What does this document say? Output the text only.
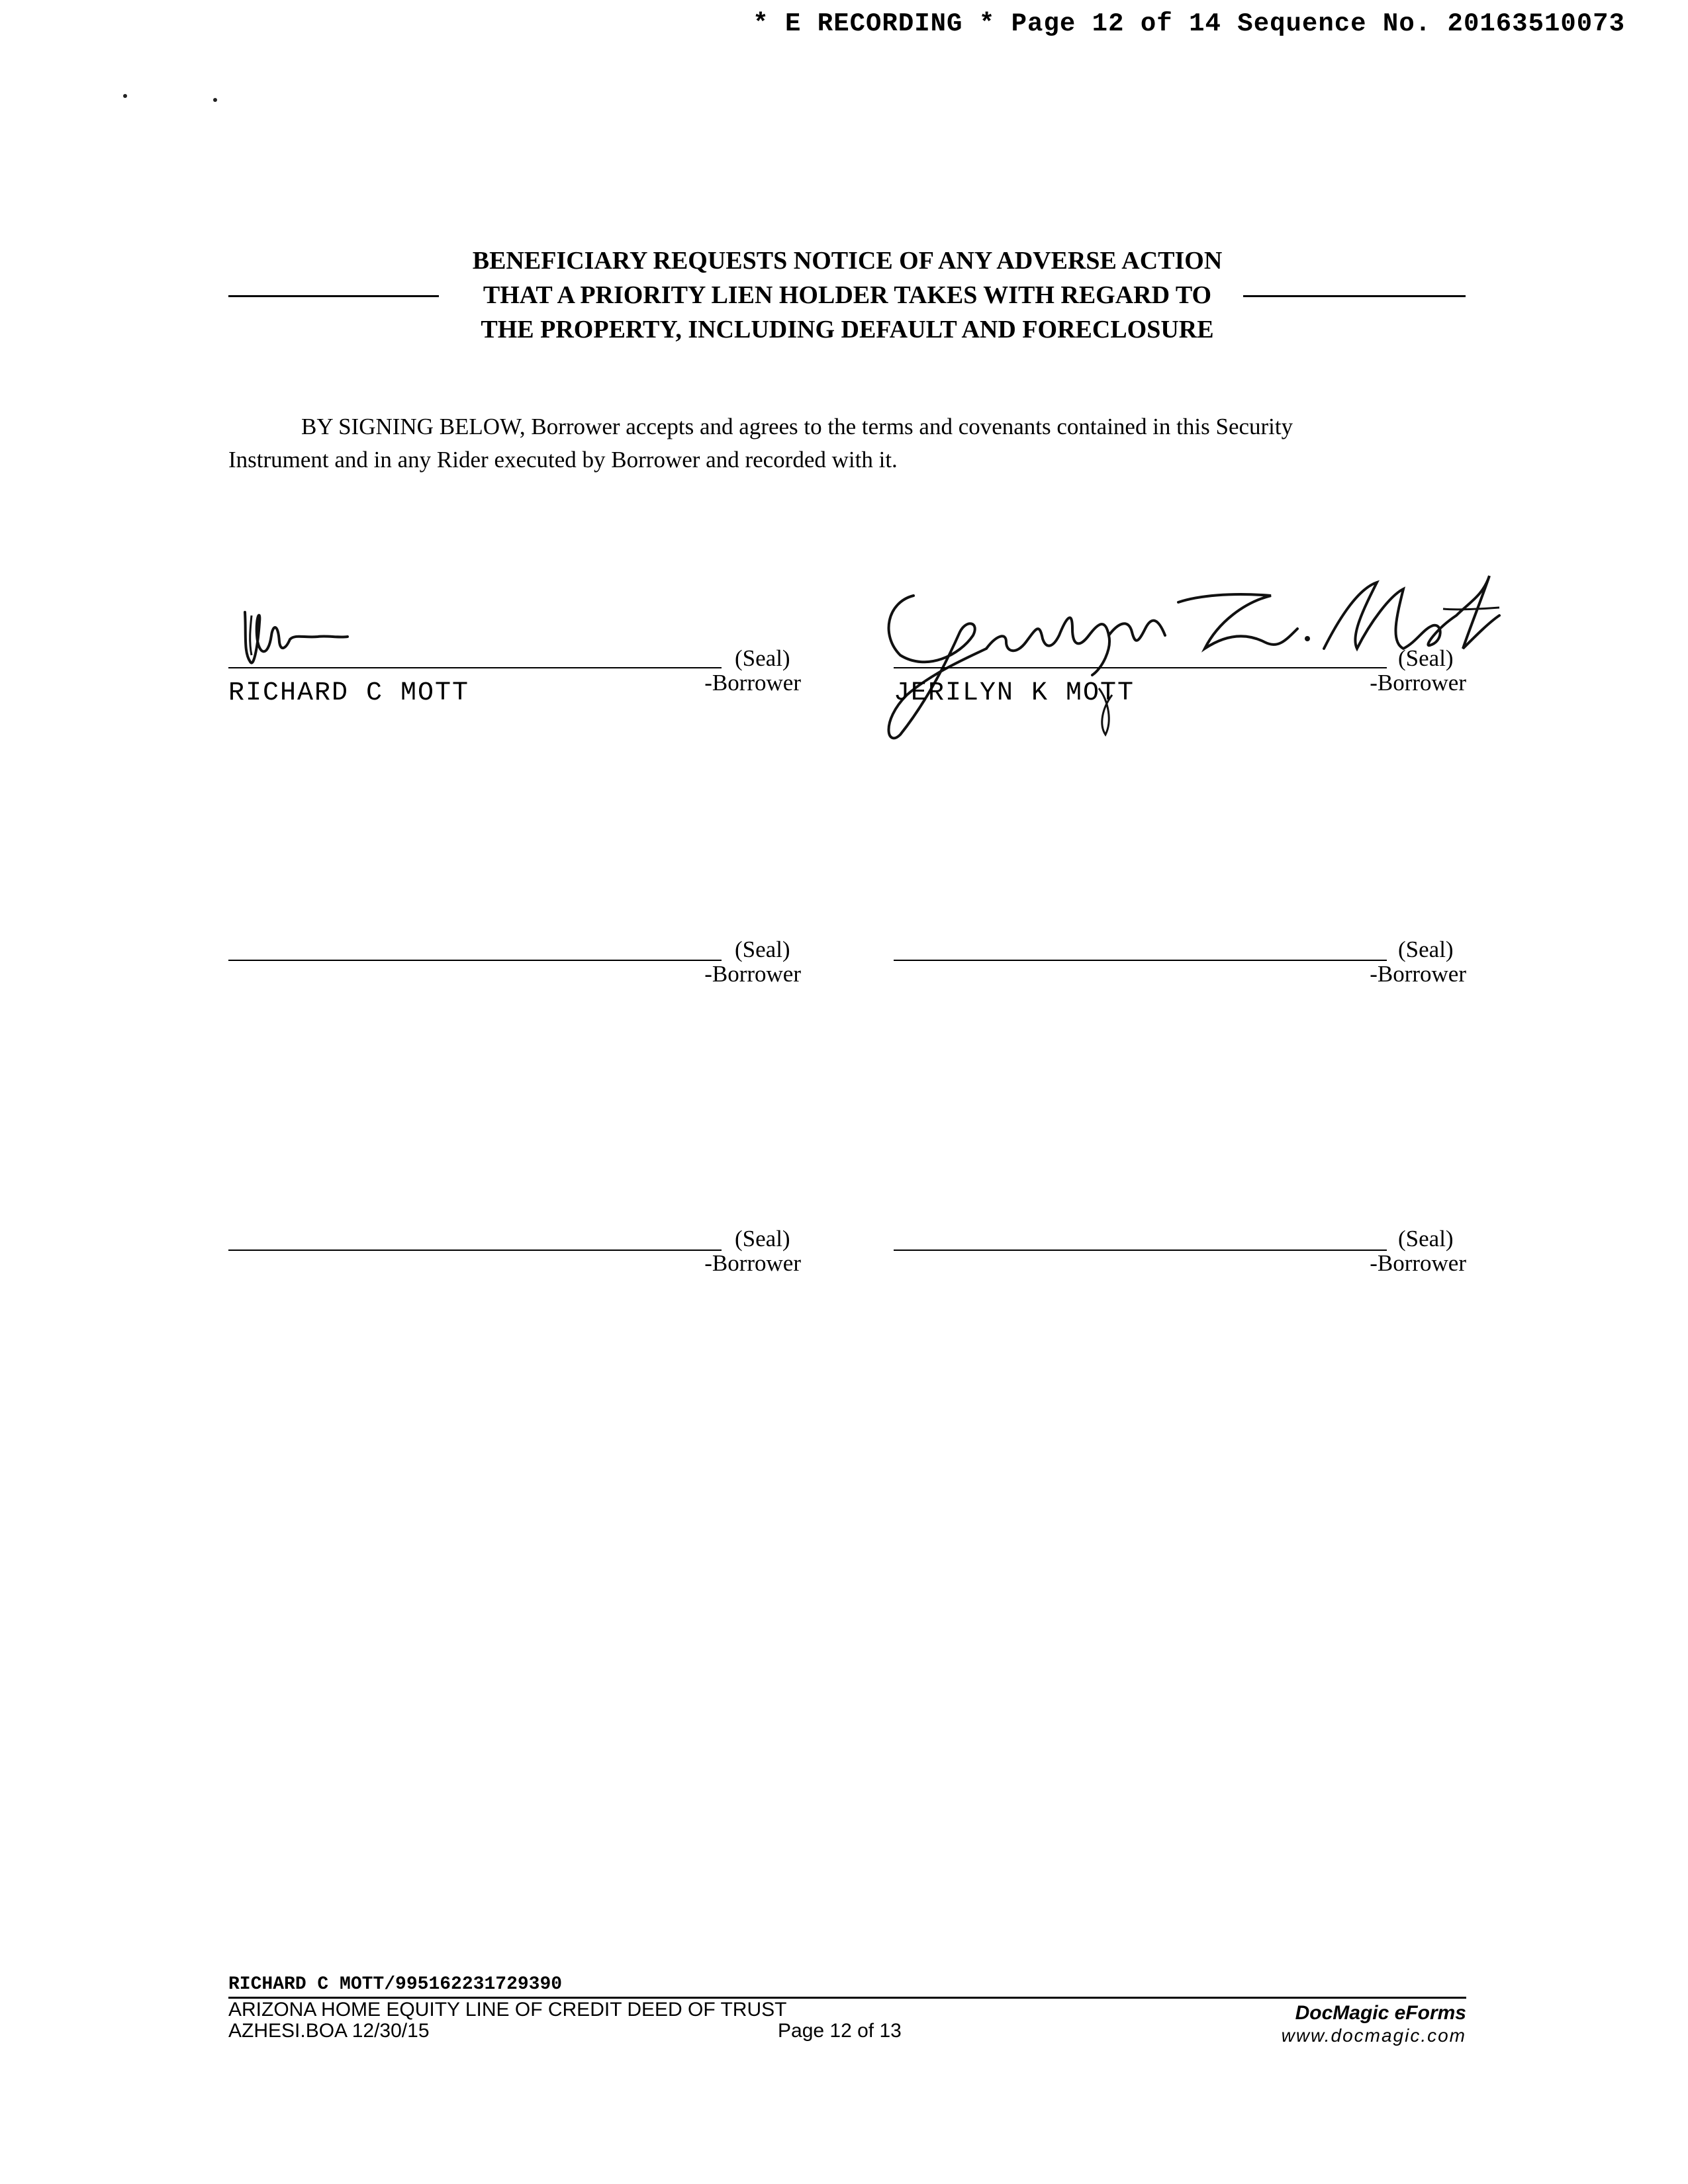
* E RECORDING * Page 12 of 14 Sequence No. 20163510073
BENEFICIARY REQUESTS NOTICE OF ANY ADVERSE ACTION
THAT A PRIORITY LIEN HOLDER TAKES WITH REGARD TO
THE PROPERTY, INCLUDING DEFAULT AND FORECLOSURE
BY SIGNING BELOW, Borrower accepts and agrees to the terms and covenants contained in this Security
Instrument and in any Rider executed by Borrower and recorded with it.
(Seal)
-Borrower
RICHARD C MOTT
(Seal)
-Borrower
JERILYN K MOTT
(Seal)
-Borrower
(Seal)
-Borrower
(Seal)
-Borrower
(Seal)
-Borrower
RICHARD C MOTT/995162231729390
ARIZONA HOME EQUITY LINE OF CREDIT DEED OF TRUST
AZHESI.BOA 12/30/15	Page 12 of 13
DocMagic eForms
www.docmagic.com
